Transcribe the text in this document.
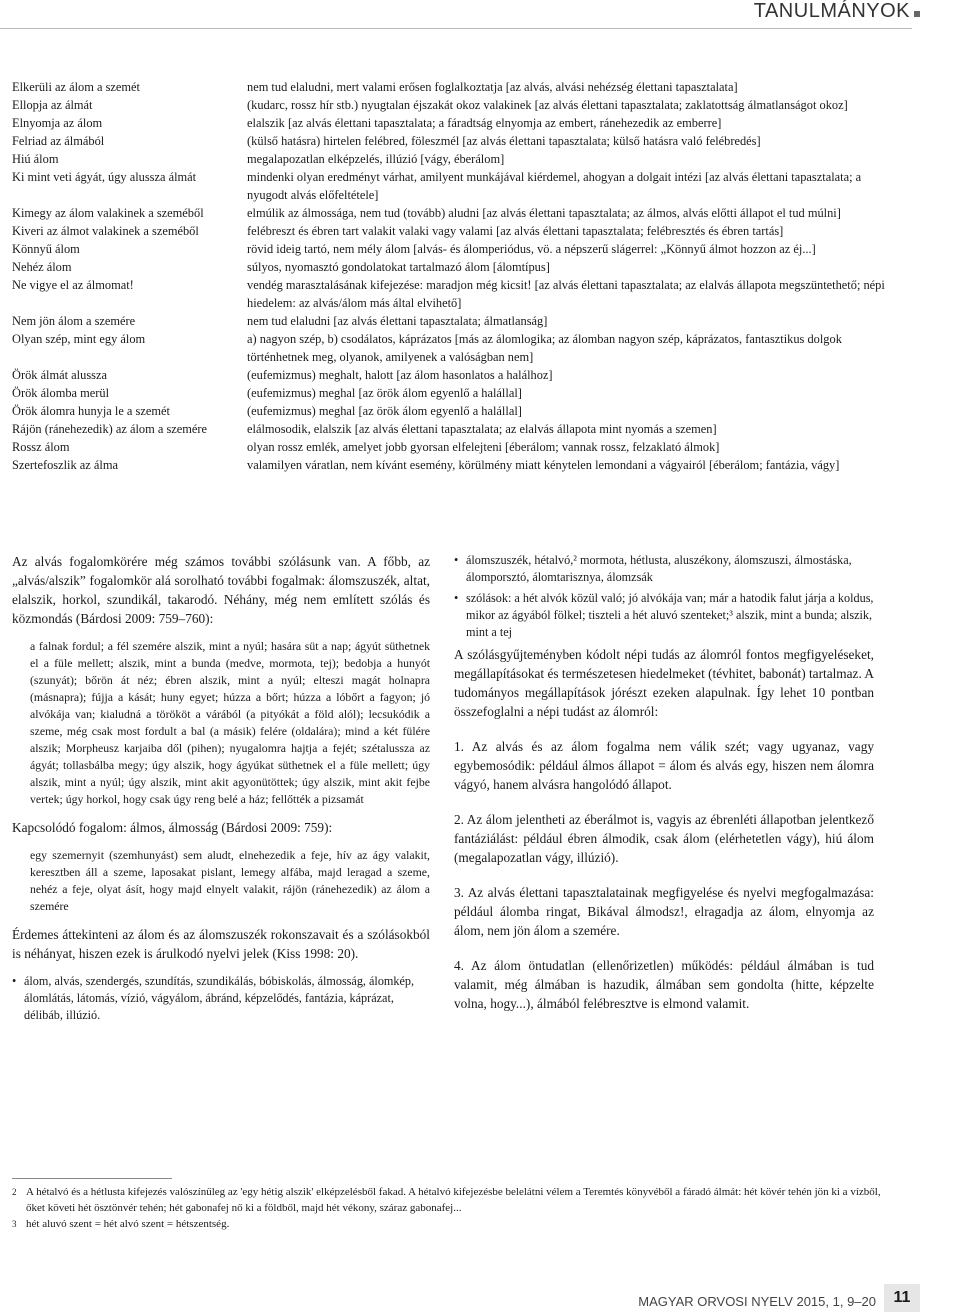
TANULMÁNYOK
Elkerüli az álom a szemét	nem tud elaludni, mert valami erősen foglalkoztatja [az alvás, alvási nehézség élettani tapasztalata]
Ellopja az álmát	(kudarc, rossz hír stb.) nyugtalan éjszakát okoz valakinek [az alvás élettani tapasztalata; zaklatottság álmatlanságot okoz]
Elnyomja az álom	elalszik [az alvás élettani tapasztalata; a fáradtság elnyomja az embert, ránehezedik az emberre]
Felriad az álmából	(külső hatásra) hirtelen felébred, föleszmél [az alvás élettani tapasztalata; külső hatásra való felébredés]
Hiú álom	megalapozatlan elképzelés, illúzió [vágy, éberálom]
Ki mint veti ágyát, úgy alussza álmát	mindenki olyan eredményt várhat, amilyent munkájával kiérdemel, ahogyan a dolgait intézi [az alvás élettani tapasztalata; a nyugodt alvás előfeltétele]
Kimegy az álom valakinek a szeméből	elmúlik az álmossága, nem tud (tovább) aludni [az alvás élettani tapasztalata; az álmos, alvás előtti állapot el tud múlni]
Kiveri az álmot valakinek a szeméből	felébreszt és ébren tart valakit valaki vagy valami [az alvás élettani tapasztalata; felébresztés és ébren tartás]
Könnyű álom	rövid ideig tartó, nem mély álom [alvás- és álomperiódus, vö. a népszerű slágerrel: „Könnyű álmot hozzon az éj...]
Nehéz álom	súlyos, nyomasztó gondolatokat tartalmazó álom [álomtípus]
Ne vigye el az álmomat!	vendég marasztalásának kifejezése: maradjon még kicsit! [az alvás élettani tapasztalata; az elalvás állapota megszüntethető; népi hiedelem: az alvás/álom más által elvihető]
Nem jön álom a szemére	nem tud elaludni [az alvás élettani tapasztalata; álmatlanság]
Olyan szép, mint egy álom	a) nagyon szép, b) csodálatos, káprázatos [más az álomlogika; az álomban nagyon szép, káprázatos, fantasztikus dolgok történhetnek meg, olyanok, amilyenek a valóságban nem]
Örök álmát alussza	(eufemizmus) meghalt, halott [az álom hasonlatos a halálhoz]
Örök álomba merül	(eufemizmus) meghal [az örök álom egyenlő a halállal]
Örök álomra hunyja le a szemét	(eufemizmus) meghal [az örök álom egyenlő a halállal]
Rájön (ránehezedik) az álom a szemére	elálmosodik, elalszik [az alvás élettani tapasztalata; az elalvás állapota mint nyomás a szemen]
Rossz álom	olyan rossz emlék, amelyet jobb gyorsan elfelejteni [éberálom; vannak rossz, felzaklató álmok]
Szertefoszlik az álma	valamilyen váratlan, nem kívánt esemény, körülmény miatt kénytelen lemondani a vágyairól [éberálom; fantázia, vágy]

Az alvás fogalomkörére még számos további szólásunk van. A főbb, az „alvás/alszik” fogalomkör alá sorolható további fogalmak: álomszuszék, altat, elalszik, horkol, szundikál, takarodó. Néhány, még nem említett szólás és közmondás (Bárdosi 2009: 759–760):

a falnak fordul; a fél szemére alszik, mint a nyúl; hasára süt a nap; ágyút süthetnek el a füle mellett; alszik, mint a bunda (medve, mormota, tej); bedobja a hunyót (szunyát); bőrön át néz; ébren alszik, mint a nyúl; elteszi magát holnapra (másnapra); fújja a kását; huny egyet; húzza a bőrt; húzza a lóbőrt a fagyon; jó alvókája van; kialudná a törököt a várából (a pityókát a föld alól); lecsukódik a szeme, még csak most fordult a bal (a másik) felére (oldalára); mind a két fülére alszik; Morpheusz karjaiba dől (pihen); nyugalomra hajtja a fejét; szétalussza az ágyát; tollasbálba megy; úgy alszik, hogy ágyúkat süthetnek el a füle mellett; úgy alszik, mint a nyúl; úgy alszik, mint akit agyonütöttek; úgy alszik, mint akit fejbe vertek; úgy horkol, hogy csak úgy reng belé a ház; fellőtték a pizsamát

Kapcsolódó fogalom: álmos, álmosság (Bárdosi 2009: 759):

egy szemernyit (szemhunyást) sem aludt, elnehezedik a feje, hív az ágy valakit, keresztben áll a szeme, laposakat pislant, lemegy alfába, majd leragad a szeme, nehéz a feje, olyat ásít, hogy majd elnyelt valakit, rájön (ránehezedik) az álom a szemére

Érdemes áttekinteni az álom és az álomszuszék rokonszavait és a szólásokból is néhányat, hiszen ezek is árulkodó nyelvi jelek (Kiss 1998: 20).

• álom, alvás, szendergés, szundítás, szundikálás, bóbiskolás, álmosság, álomkép, álomlátás, látomás, vízió, vágyálom, ábránd, képzelődés, fantázia, káprázat, délibáb, illúzió.
• álomszuszék, hétalvó,² mormota, hétlusta, aluszékony, álomszuszi, álmostáska, álomporsztó, álomtarisznya, álomzsák
• szólások: a hét alvók közül való; jó alvókája van; már a hatodik falut járja a koldus, mikor az ágyából fölkel; tiszteli a hét aluvó szenteket;³ alszik, mint a bunda; alszik, mint a tej

A szólásgyűjteményben kódolt népi tudás az álomról fontos megfigyeléseket, megállapításokat és természetesen hiedelmeket (tévhitet, babonát) tartalmaz. A tudományos megállapítások jórészt ezeken alapulnak. Így lehet 10 pontban összefoglalni a népi tudást az álomról:

1. Az alvás és az álom fogalma nem válik szét; vagy ugyanaz, vagy egybemosódik: például álmos állapot = álom és alvás egy, hiszen nem álomra vágyó, hanem alvásra hangolódó állapot.

2. Az álom jelentheti az éberálmot is, vagyis az ébrenléti állapotban jelentkező fantáziálást: például ébren álmodik, csak álom (elérhetetlen vágy), hiú álom (megalapozatlan vágy, illúzió).

3. Az alvás élettani tapasztalatainak megfigyelése és nyelvi megfogalmazása: például álomba ringat, Bikával álmodsz!, elragadja az álom, elnyomja az álom, nem jön álom a szemére.

4. Az álom öntudatlan (ellenőrizetlen) működés: például álmában is tud valamit, még álmában is hazudik, álmában sem gondolta (hitte, képzelte volna, hogy...), álmából felébresztve is elmond valamit.

2 A hétalvó és a hétlusta kifejezés valószínűleg az 'egy hétig alszik' elképzelésből fakad. A hétalvó kifejezésbe belelátni vélem a Teremtés könyvéből a fáradó álmát: hét kövér tehén jön ki a vízből, őket követi hét ösztönvér tehén; hét gabonafej nő ki a földből, majd hét vékony, száraz gabonafej...
3 hét aluvó szent = hét alvó szent = hétszentség.
MAGYAR ORVOSI NYELV 2015, 1, 9–20	11
